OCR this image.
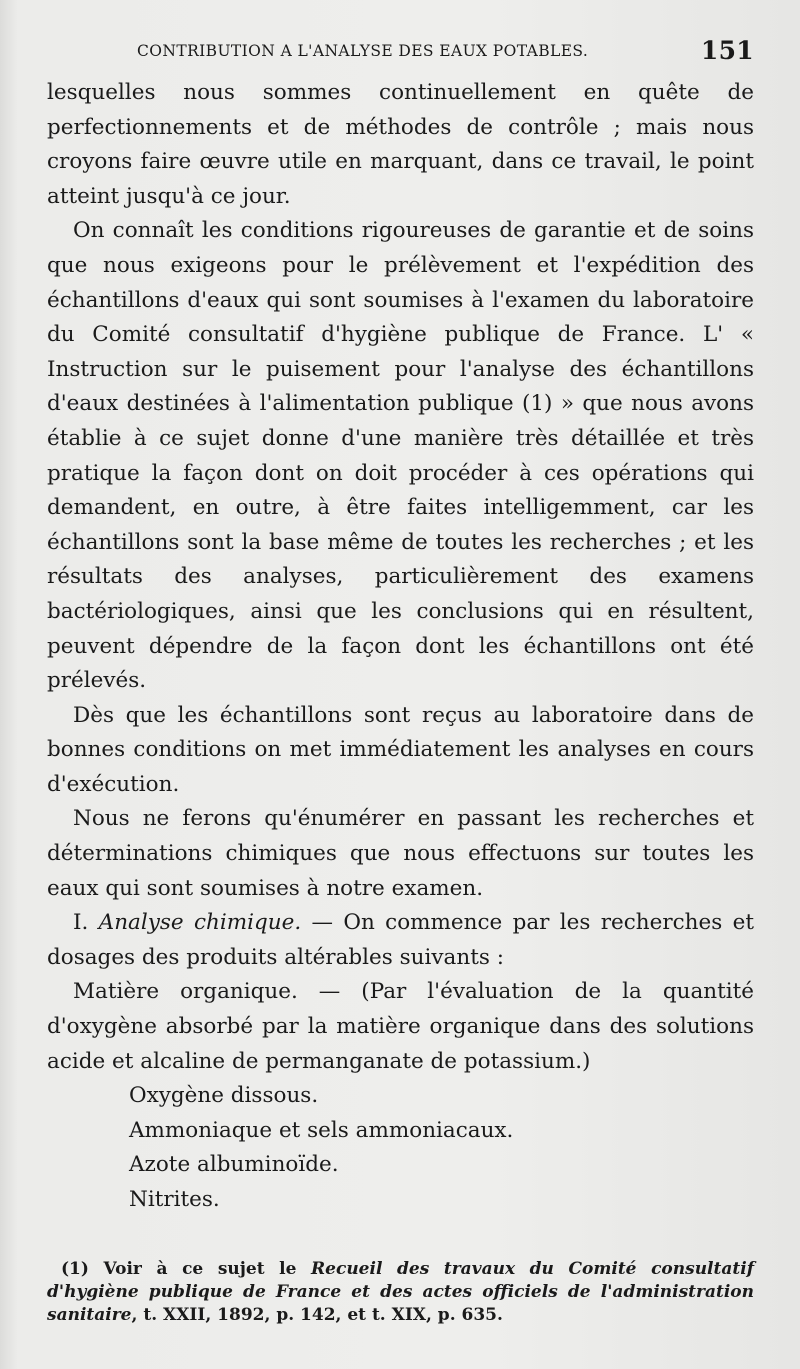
CONTRIBUTION A L'ANALYSE DES EAUX POTABLES.	151

lesquelles nous sommes continuellement en quête de perfectionnements et de méthodes de contrôle ; mais nous croyons faire œuvre utile en marquant, dans ce travail, le point atteint jusqu'à ce jour.

On connaît les conditions rigoureuses de garantie et de soins que nous exigeons pour le prélèvement et l'expédition des échantillons d'eaux qui sont soumises à l'examen du laboratoire du Comité consultatif d'hygiène publique de France. L' « Instruction sur le puisement pour l'analyse des échantillons d'eaux destinées à l'alimentation publique (1) » que nous avons établie à ce sujet donne d'une manière très détaillée et très pratique la façon dont on doit procéder à ces opérations qui demandent, en outre, à être faites intelligemment, car les échantillons sont la base même de toutes les recherches ; et les résultats des analyses, particulièrement des examens bactériologiques, ainsi que les conclusions qui en résultent, peuvent dépendre de la façon dont les échantillons ont été prélevés.

Dès que les échantillons sont reçus au laboratoire dans de bonnes conditions on met immédiatement les analyses en cours d'exécution.

Nous ne ferons qu'énumérer en passant les recherches et déterminations chimiques que nous effectuons sur toutes les eaux qui sont soumises à notre examen.

I. Analyse chimique. — On commence par les recherches et dosages des produits altérables suivants :

Matière organique. — (Par l'évaluation de la quantité d'oxygène absorbé par la matière organique dans des solutions acide et alcaline de permanganate de potassium.)

Oxygène dissous.
Ammoniaque et sels ammoniacaux.
Azote albuminoïde.
Nitrites.
(1) Voir à ce sujet le Recueil des travaux du Comité consultatif d'hygiène publique de France et des actes officiels de l'administration sanitaire, t. XXII, 1892, p. 142, et t. XIX, p. 635.
